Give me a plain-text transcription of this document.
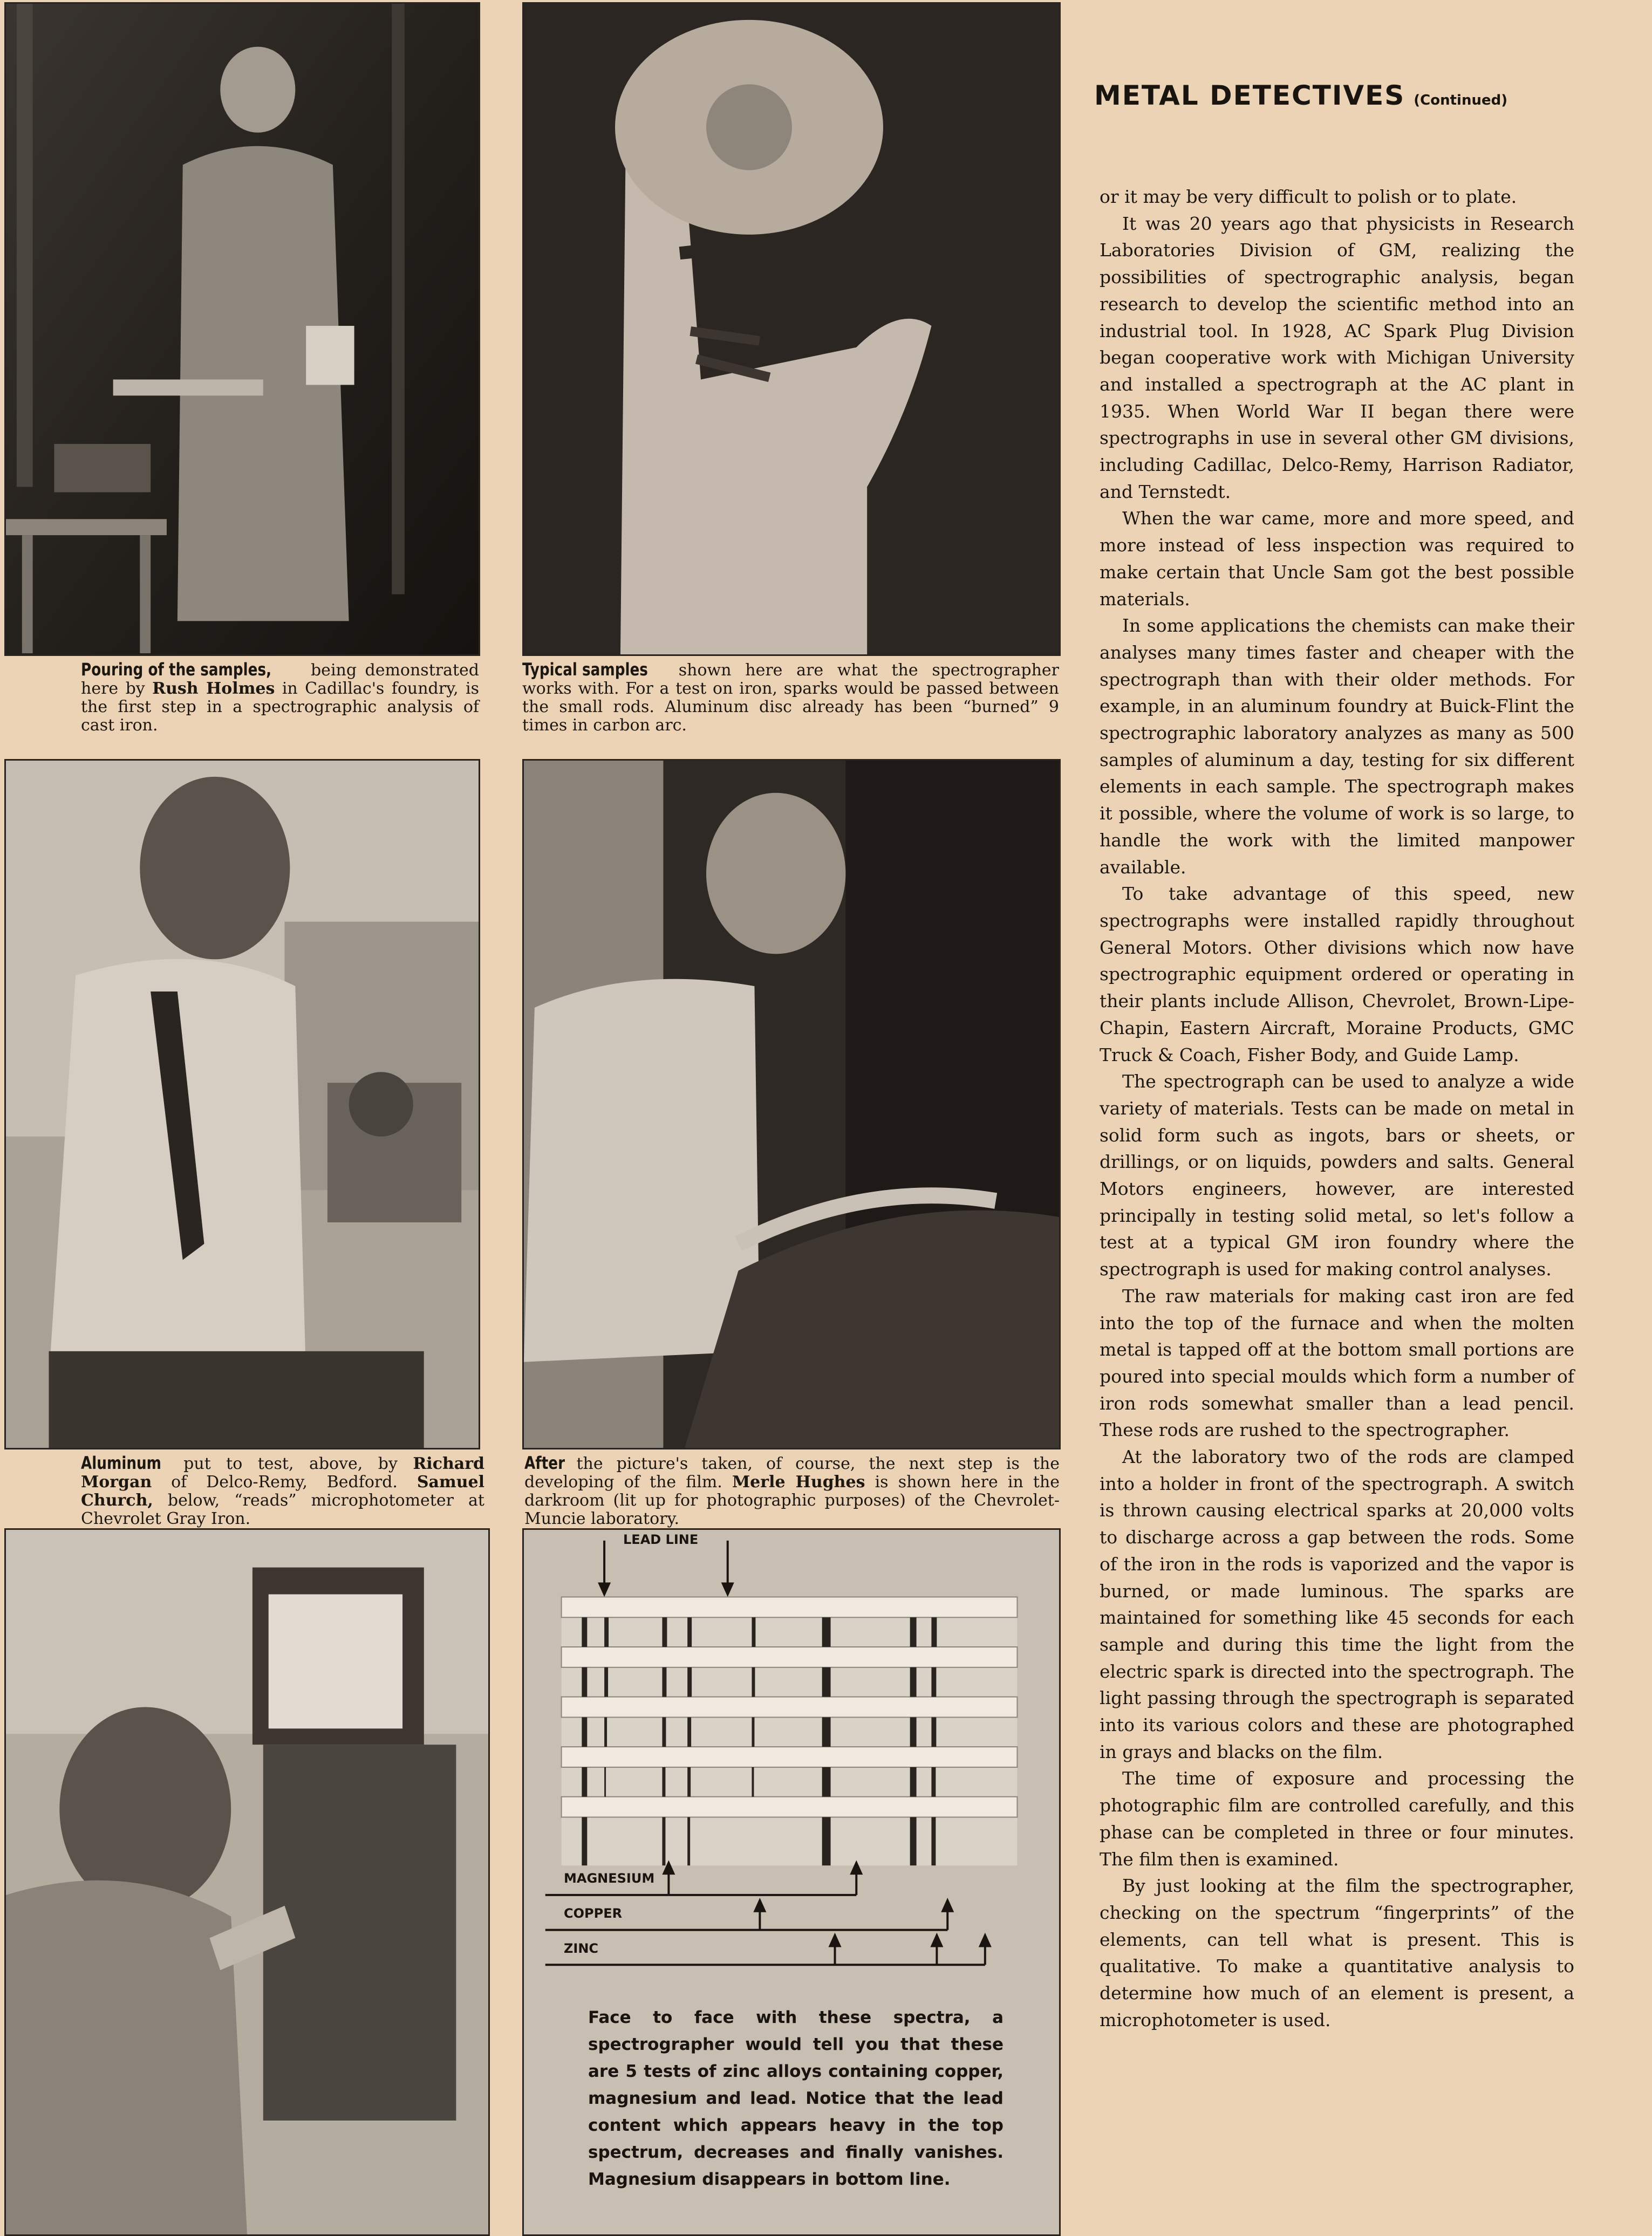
LEAD LINE
MAGNESIUM
COPPER
ZINC
Face to face with these spectra, a spectrographer would tell you that these are 5 tests of zinc alloys containing copper, magnesium and lead. Notice that the lead content which appears heavy in the top spectrum, decreases and finally vanishes. Magnesium disappears in bottom line.
Pouring of the samples, being demonstrated here by Rush Holmes in Cadillac's foundry, is the first step in a spectrographic analysis of cast iron.
Typical samples shown here are what the spectrographer works with. For a test on iron, sparks would be passed between the small rods. Aluminum disc already has been “burned” 9 times in carbon arc.
Aluminum put to test, above, by Richard Morgan of Delco-Remy, Bedford. Samuel Church, below, “reads” microphotometer at Chevrolet Gray Iron.
After the picture's taken, of course, the next step is the developing of the film. Merle Hughes is shown here in the darkroom (lit up for photographic purposes) of the Chevrolet-Muncie laboratory.
METAL DETECTIVES (Continued)

or it may be very difficult to polish or to plate.

It was 20 years ago that physicists in Research Laboratories Division of GM, realizing the possibilities of spectrographic analysis, began research to develop the scientific method into an industrial tool. In 1928, AC Spark Plug Division began cooperative work with Michigan University and installed a spectrograph at the AC plant in 1935. When World War II began there were spectrographs in use in several other GM divisions, including Cadillac, Delco-Remy, Harrison Radiator, and Ternstedt.

When the war came, more and more speed, and more instead of less inspection was required to make certain that Uncle Sam got the best possible materials.

In some applications the chemists can make their analyses many times faster and cheaper with the spectrograph than with their older methods. For example, in an aluminum foundry at Buick-Flint the spectrographic laboratory analyzes as many as 500 samples of aluminum a day, testing for six different elements in each sample. The spectrograph makes it possible, where the volume of work is so large, to handle the work with the limited manpower available.

To take advantage of this speed, new spectrographs were installed rapidly throughout General Motors. Other divisions which now have spectrographic equipment ordered or operating in their plants include Allison, Chevrolet, Brown-Lipe-Chapin, Eastern Aircraft, Moraine Products, GMC Truck & Coach, Fisher Body, and Guide Lamp.

The spectrograph can be used to analyze a wide variety of materials. Tests can be made on metal in solid form such as ingots, bars or sheets, or drillings, or on liquids, powders and salts. General Motors engineers, however, are interested principally in testing solid metal, so let's follow a test at a typical GM iron foundry where the spectrograph is used for making control analyses.

The raw materials for making cast iron are fed into the top of the furnace and when the molten metal is tapped off at the bottom small portions are poured into special moulds which form a number of iron rods somewhat smaller than a lead pencil. These rods are rushed to the spectrographer.

At the laboratory two of the rods are clamped into a holder in front of the spectrograph. A switch is thrown causing electrical sparks at 20,000 volts to discharge across a gap between the rods. Some of the iron in the rods is vaporized and the vapor is burned, or made luminous. The sparks are maintained for something like 45 seconds for each sample and during this time the light from the electric spark is directed into the spectrograph. The light passing through the spectrograph is separated into its various colors and these are photographed in grays and blacks on the film.

The time of exposure and processing the photographic film are controlled carefully, and this phase can be completed in three or four minutes. The film then is examined.

By just looking at the film the spectrographer, checking on the spectrum “fingerprints” of the elements, can tell what is present. This is qualitative. To make a quantitative analysis to determine how much of an element is present, a microphotometer is used.
